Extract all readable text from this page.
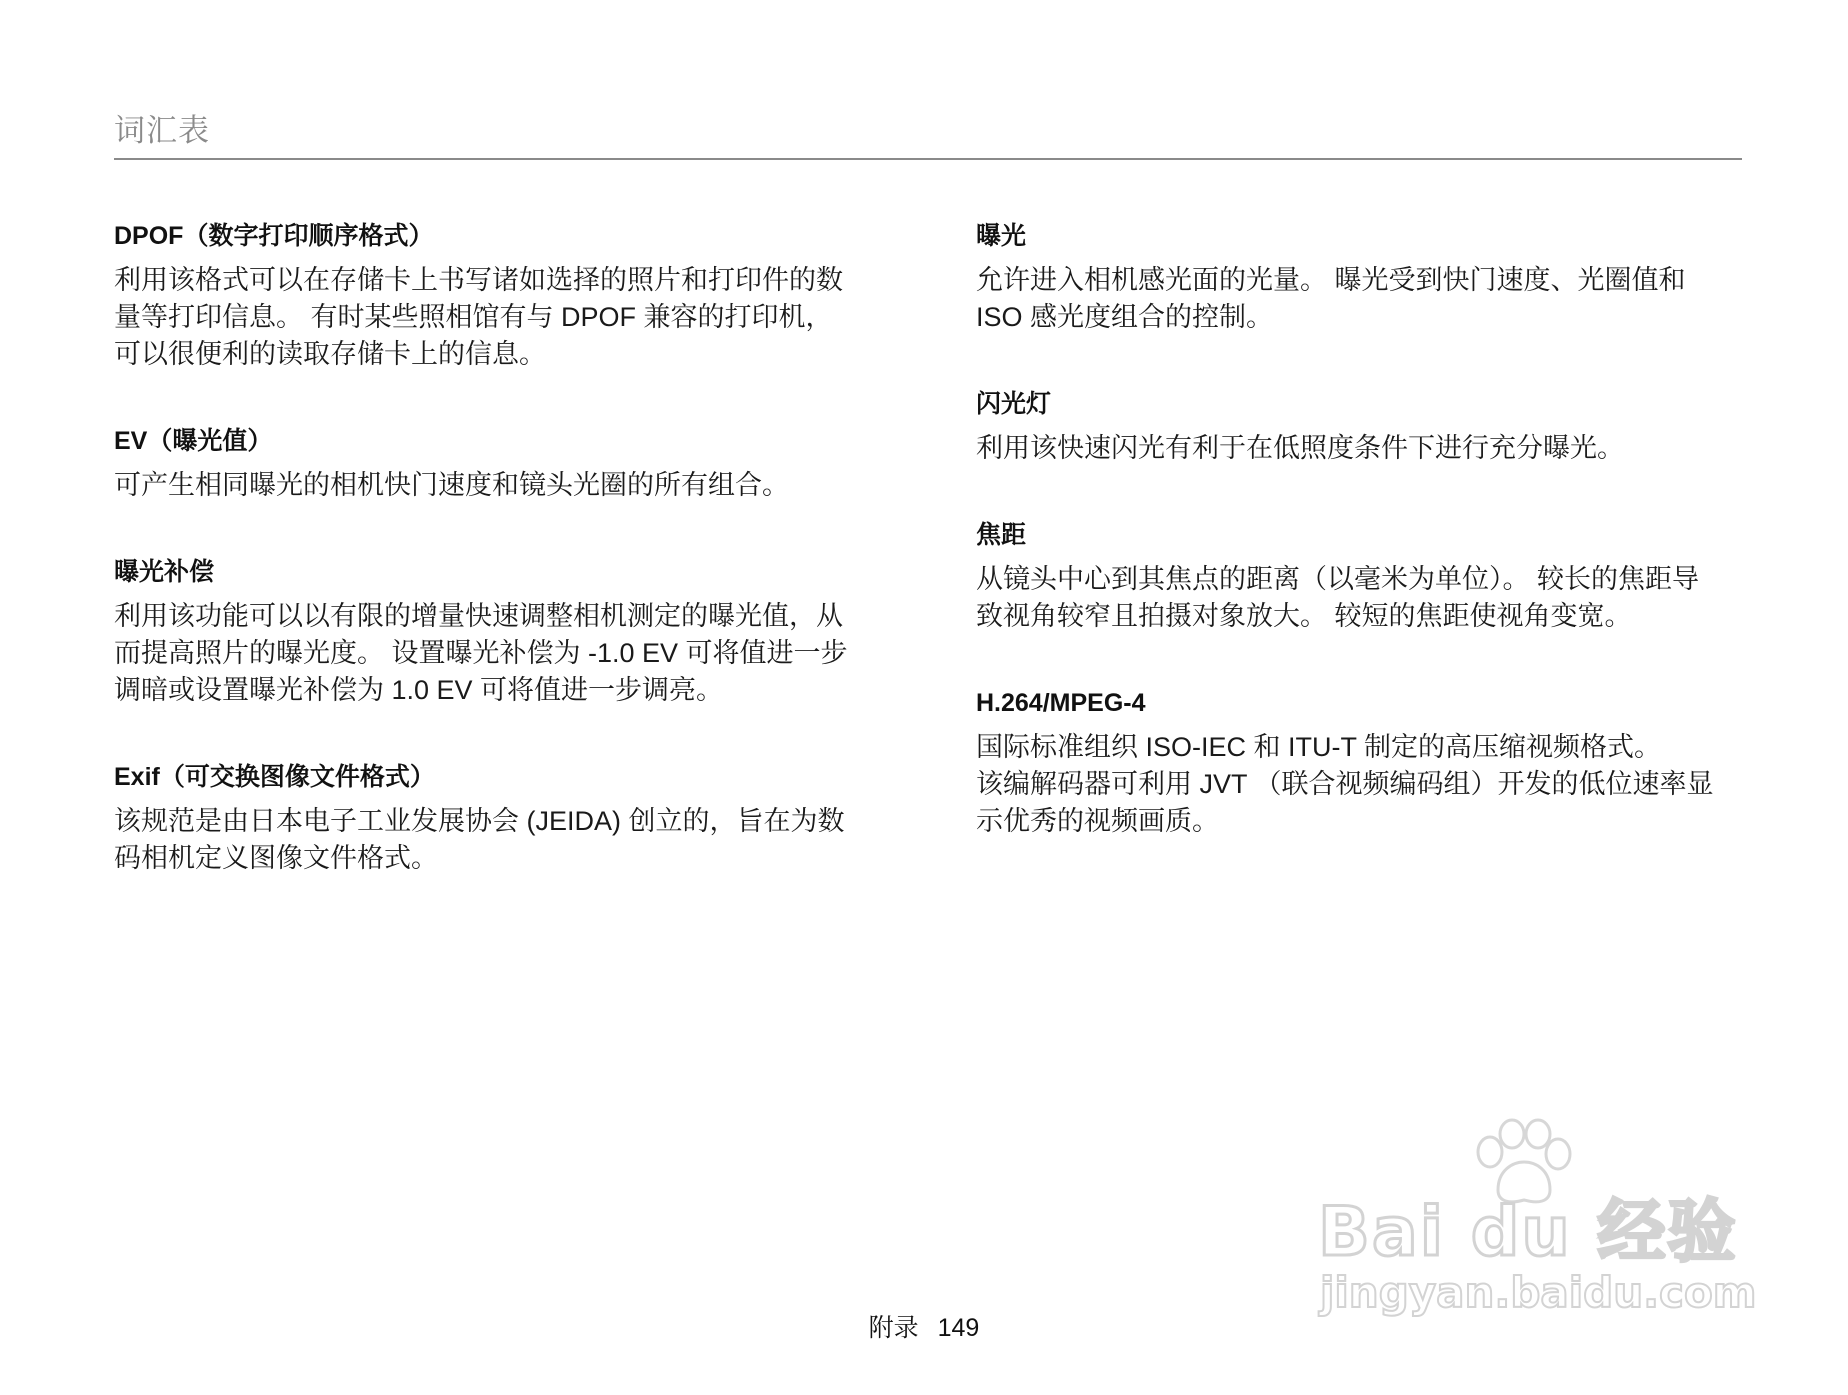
词汇表
DPOF（数字打印顺序格式）

利用该格式可以在存储卡上书写诸如选择的照片和打印件的数
量等打印信息。 有时某些照相馆有与 DPOF 兼容的打印机，
可以很便利的读取存储卡上的信息。

EV（曝光值）

可产生相同曝光的相机快门速度和镜头光圈的所有组合。

曝光补偿

利用该功能可以以有限的增量快速调整相机测定的曝光值，从
而提高照片的曝光度。 设置曝光补偿为 -1.0 EV 可将值进一步
调暗或设置曝光补偿为 1.0 EV 可将值进一步调亮。

Exif（可交换图像文件格式）

该规范是由日本电子工业发展协会 (JEIDA) 创立的，旨在为数
码相机定义图像文件格式。

曝光

允许进入相机感光面的光量。 曝光受到快门速度、光圈值和
ISO 感光度组合的控制。

闪光灯

利用该快速闪光有利于在低照度条件下进行充分曝光。

焦距

从镜头中心到其焦点的距离（以毫米为单位）。 较长的焦距导
致视角较窄且拍摄对象放大。 较短的焦距使视角变宽。

H.264/MPEG-4

国际标准组织 ISO-IEC 和 ITU-T 制定的高压缩视频格式。
该编解码器可利用 JVT （联合视频编码组）开发的低位速率显
示优秀的视频画质。

附录 149
Bai du 经验
jingyan.baidu.com
